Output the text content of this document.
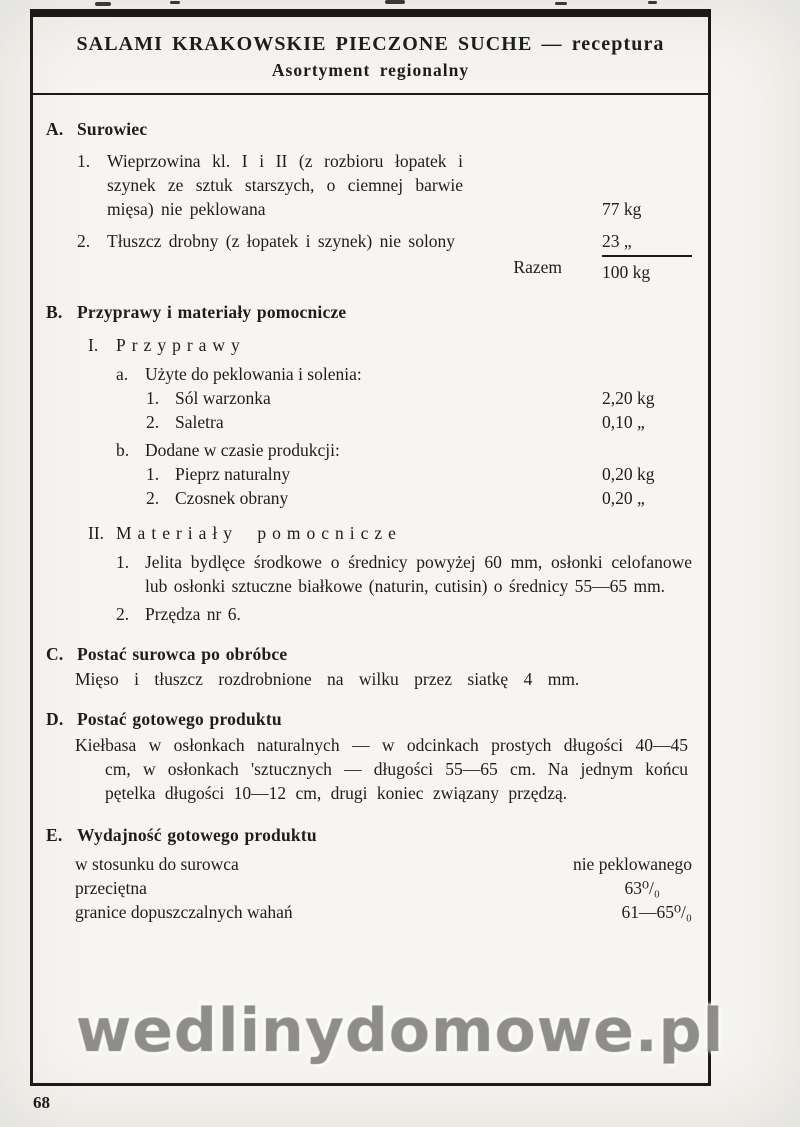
SALAMI KRAKOWSKIE PIECZONE SUCHE — receptura
Asortyment regionalny
A. Surowiec
1. Wieprzowina kl. I i II (z rozbioru łopatek i szynek ze sztuk starszych, o ciemnej barwie mięsa) nie peklowana	77 kg
2. Tłuszcz drobny (z łopatek i szynek) nie solony	23 „
Razem 100 kg
B. Przyprawy i materiały pomocnicze
I.	Przyprawy
a. Użyte do peklowania i solenia:
1. Sól warzonka	2,20 kg
2. Saletra	0,10 „
b. Dodane w czasie produkcji:
1. Pieprz naturalny	0,20 kg
2. Czosnek obrany	0,20 „
II. Materiały pomocnicze
1. Jelita bydlęce środkowe o średnicy powyżej 60 mm, osłonki celofanowe lub osłonki sztuczne białkowe (naturin, cutisin) o średnicy 55—65 mm.
2. Przędza nr 6.
C. Postać surowca po obróbce

Mięso i tłuszcz rozdrobnione na wilku przez siatkę 4 mm.

D. Postać gotowego produktu

Kiełbasa w osłonkach naturalnych — w odcinkach prostych długości 40—45 cm, w osłonkach 'sztucznych — długości 55—65 cm. Na jednym końcu pętelka długości 10—12 cm, drugi koniec związany przędzą.

E. Wydajność gotowego produktu
w stosunku do surowca	nie peklowanego
przeciętna	63⁰/₀
granice dopuszczalnych wahań	61—65⁰/₀
wedlinydomowe.pl
68
